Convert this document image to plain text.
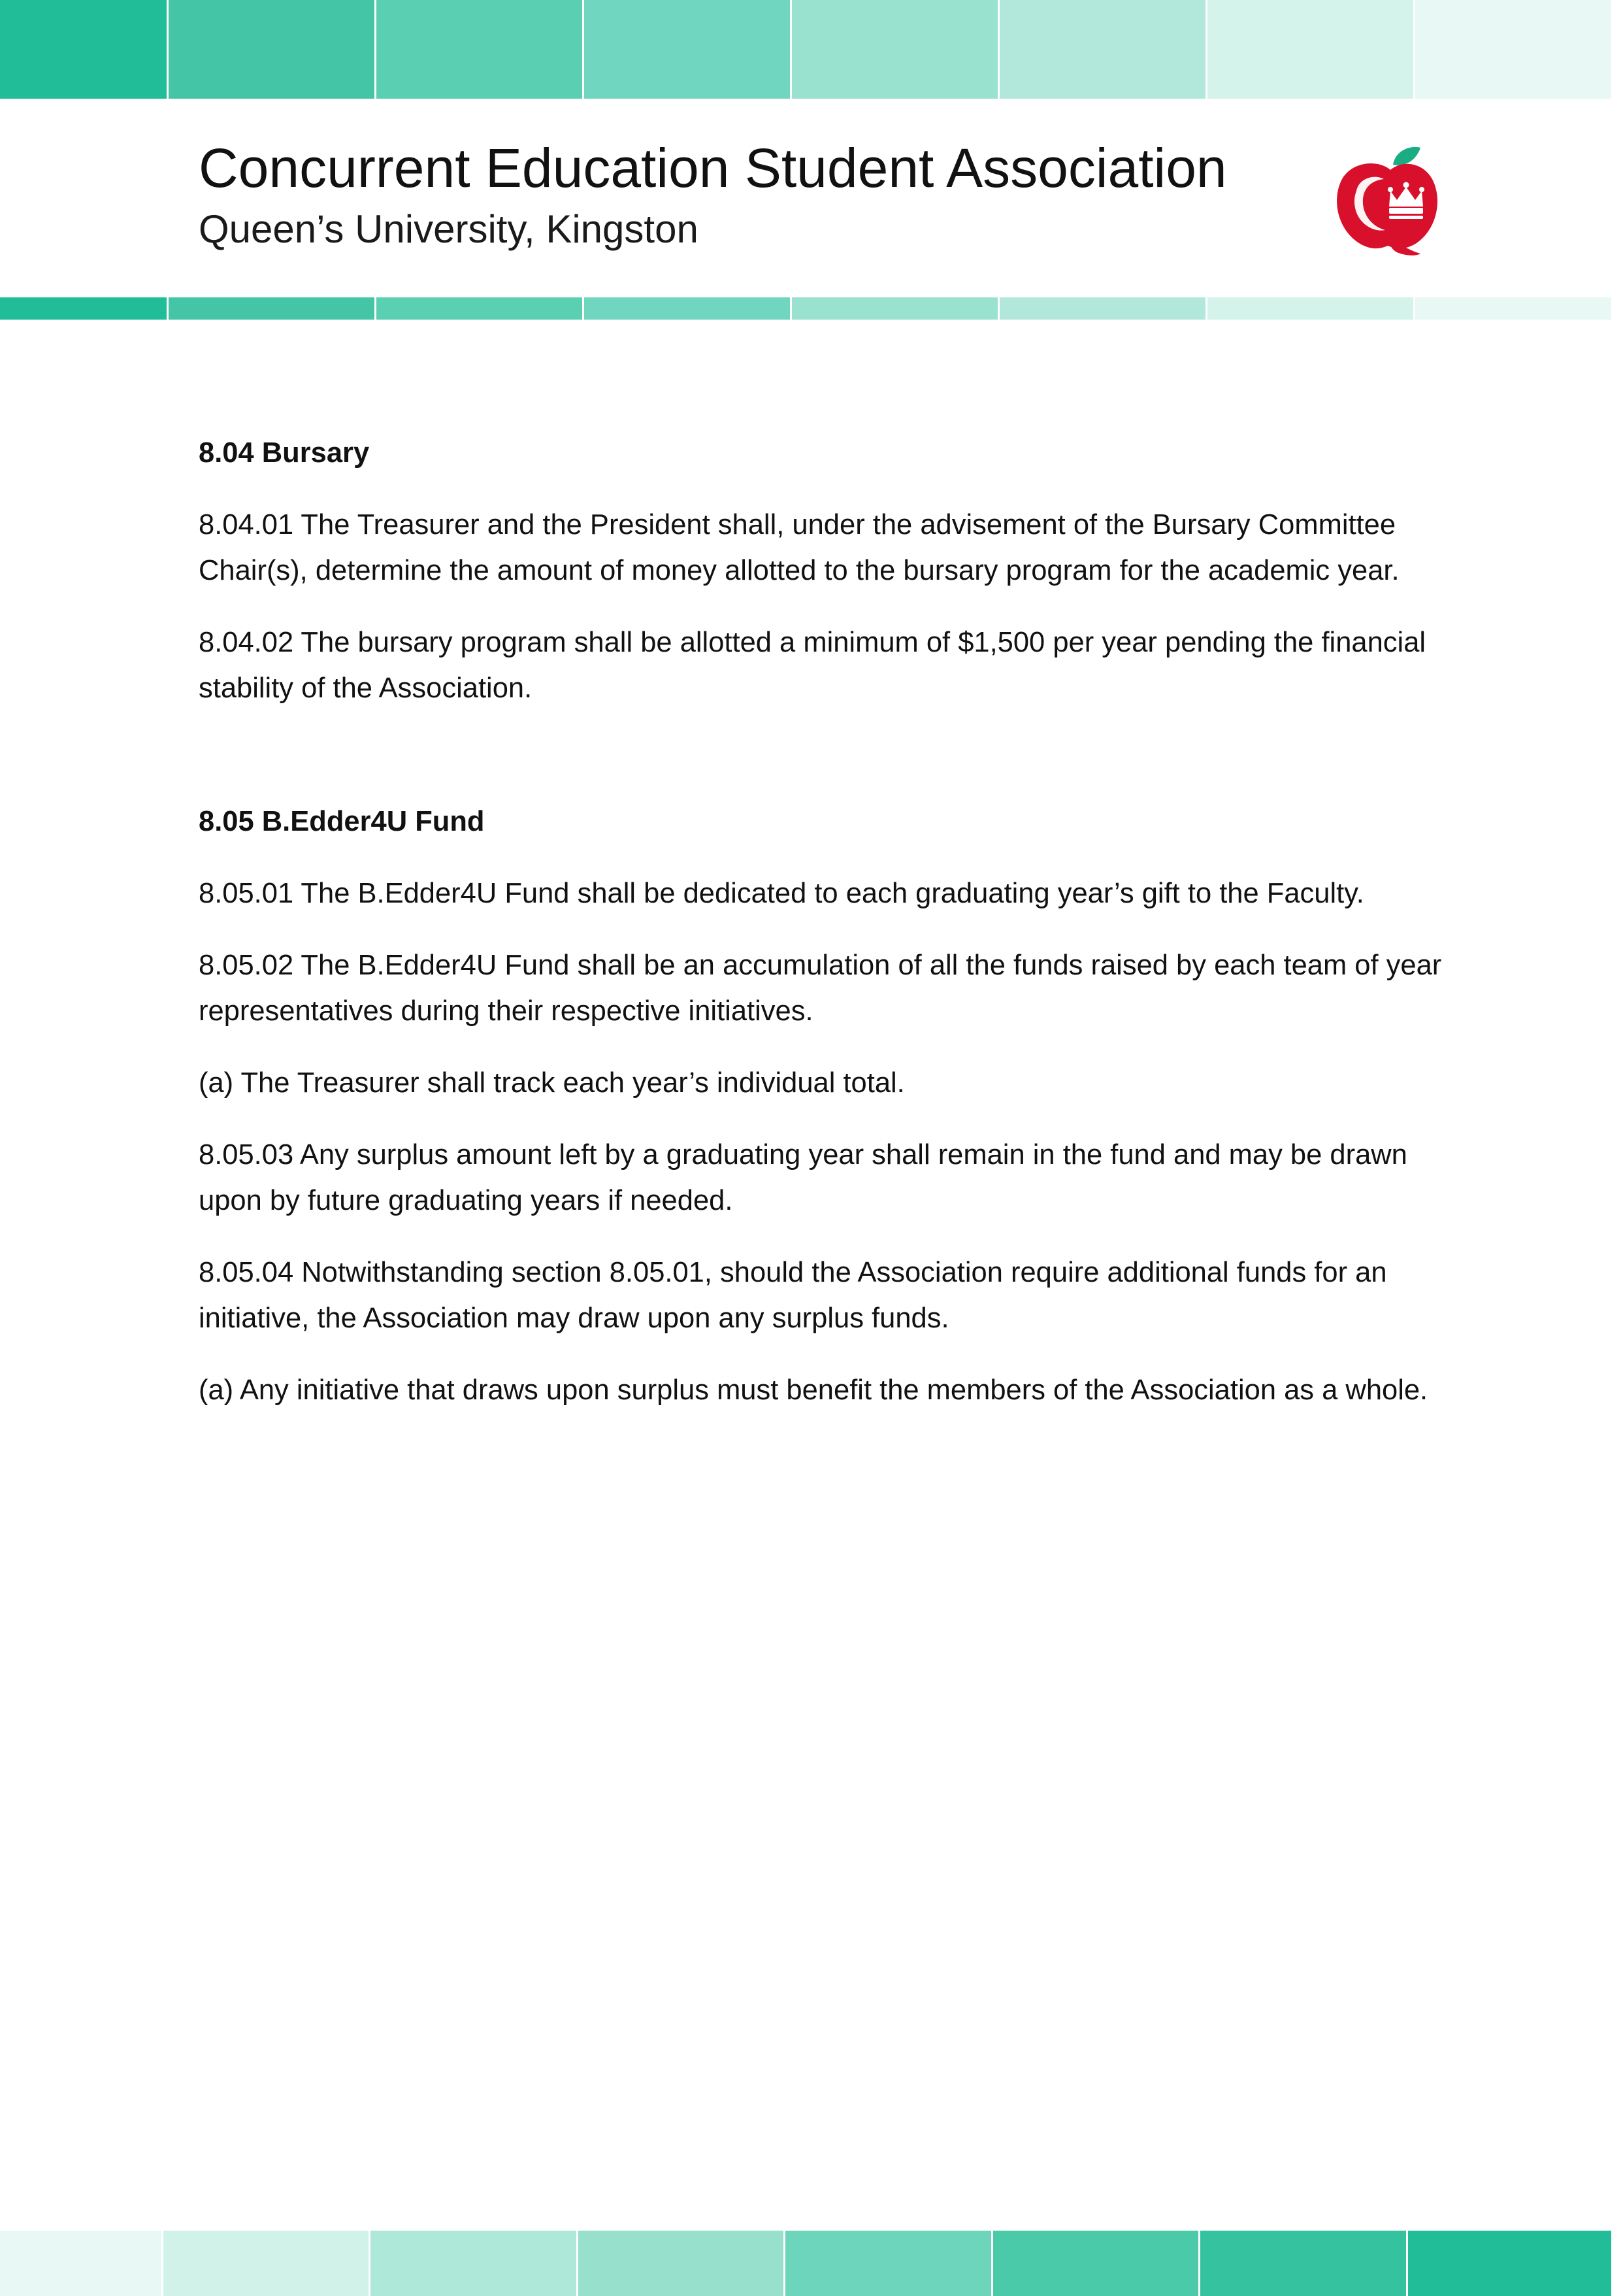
Concurrent Education Student Association
Queen’s University, Kingston

8.04 Bursary

8.04.01 The Treasurer and the President shall, under the advisement of the Bursary Committee Chair(s), determine the amount of money allotted to the bursary program for the academic year.

8.04.02 The bursary program shall be allotted a minimum of $1,500 per year pending the financial stability of the Association.

8.05 B.Edder4U Fund

8.05.01 The B.Edder4U Fund shall be dedicated to each graduating year’s gift to the Faculty.

8.05.02 The B.Edder4U Fund shall be an accumulation of all the funds raised by each team of year representatives during their respective initiatives.

(a) The Treasurer shall track each year’s individual total.

8.05.03 Any surplus amount left by a graduating year shall remain in the fund and may be drawn upon by future graduating years if needed.

8.05.04 Notwithstanding section 8.05.01, should the Association require additional funds for an initiative, the Association may draw upon any surplus funds.

(a) Any initiative that draws upon surplus must benefit the members of the Association as a whole.
